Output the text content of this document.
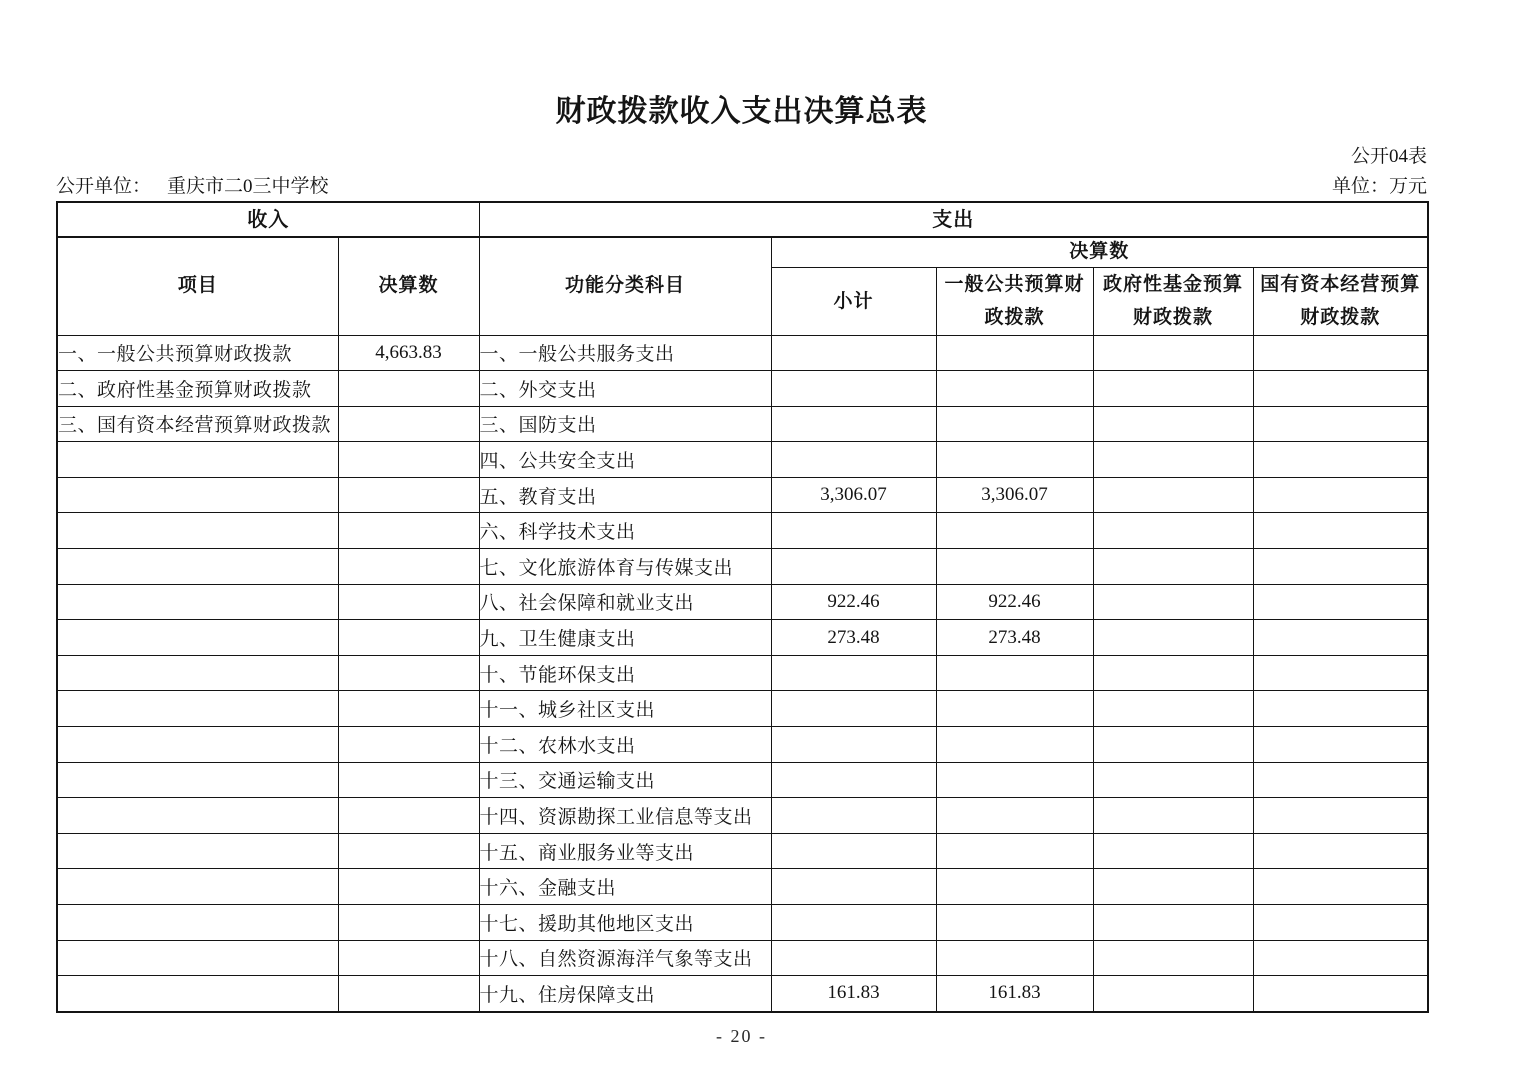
财政拨款收入支出决算总表
公开04表
公开单位： 重庆市二0三中学校	单位：万元
收入		支出				
项目	决算数	功能分类科目	决算数			
			小计	一般公共预算财政拨款	政府性基金预算财政拨款	国有资本经营预算财政拨款
一、一般公共预算财政拨款	4,663.83	一、一般公共服务支出				
二、政府性基金预算财政拨款		二、外交支出				
三、国有资本经营预算财政拨款		三、国防支出				
		四、公共安全支出				
		五、教育支出	3,306.07	3,306.07		
		六、科学技术支出				
		七、文化旅游体育与传媒支出				
		八、社会保障和就业支出	922.46	922.46		
		九、卫生健康支出	273.48	273.48		
		十、节能环保支出				
		十一、城乡社区支出				
		十二、农林水支出				
		十三、交通运输支出				
		十四、资源勘探工业信息等支出				
		十五、商业服务业等支出				
		十六、金融支出				
		十七、援助其他地区支出				
		十八、自然资源海洋气象等支出				
		十九、住房保障支出	161.83	161.83		
- 20 -
